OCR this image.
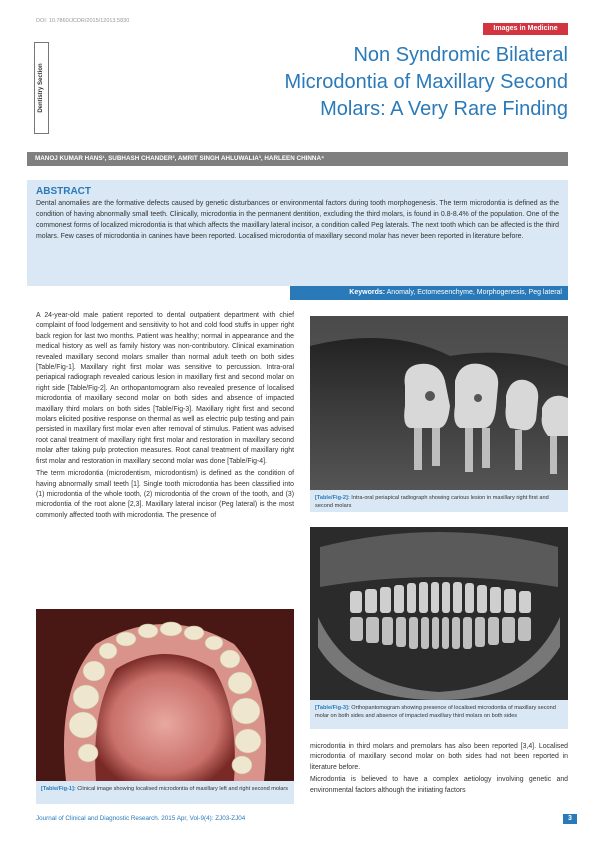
DOI: 10.7860/JCDR/2015/12013.5830
Images in Medicine
Dentistry Section
Non Syndromic Bilateral
Microdontia of Maxillary Second
Molars: A Very Rare Finding
MANOJ KUMAR HANS¹, SUBHASH CHANDER², AMRIT SINGH AHLUWALIA³, HARLEEN CHINNA⁴
ABSTRACT
Dental anomalies are the formative defects caused by genetic disturbances or environmental factors during tooth morphogenesis. The term microdontia is defined as the condition of having abnormally small teeth. Clinically, microdontia in the permanent dentition, excluding the third molars, is found in 0.8-8.4% of the population. One of the commonest forms of localized microdontia is that which affects the maxillary lateral incisor, a condition called Peg laterals. The next tooth which can be affected is the third molars. Few cases of microdontia in canines have been reported. Localised microdontia of maxillary second molar has never been reported in literature before.
Keywords: Anomaly, Ectomesenchyme, Morphogenesis, Peg lateral

A 24-year-old male patient reported to dental outpatient department with chief complaint of food lodgement and sensitivity to hot and cold food stuffs in upper right back region for last two months. Patient was healthy; normal in appearance and the medical history as well as family history was non-contributory. Clinical examination revealed maxillary second molars smaller than normal adult teeth on both sides [Table/Fig-1]. Maxillary right first molar was sensitive to percussion. Intra-oral periapical radiograph revealed carious lesion in maxillary first and second molar on right side [Table/Fig-2]. An orthopantomogram also revealed presence of localised microdontia of maxillary second molar on both sides and absence of impacted maxillary third molars on both sides [Table/Fig-3]. Maxillary right first and second molars elicited positive response on thermal as well as electric pulp testing and pain persisted in maxillary first molar even after removal of stimulus. Patient was advised root canal treatment of maxillary right first molar and restoration in maxillary second molar after taking pulp protection measures. Root canal treatment of maxillary right first molar and restoration in maxillary second molar was done [Table/Fig-4].

The term microdontia (microdentism, microdontism) is defined as the condition of having abnormally small teeth [1]. Single tooth microdontia has been classified into (1) microdontia of the whole tooth, (2) microdontia of the crown of the tooth, and (3) microdontia of the root alone [2,3]. Maxillary lateral incisor (Peg lateral) is the most commonly affected tooth with microdontia. The presence of

[Table/Fig-1]: Clinical image showing localised microdontia of maxillary left and right second molars
[Table/Fig-2]: Intra-oral periapical radiograph showing carious lesion in maxillary right first and second molars
[Table/Fig-3]: Orthopantomogram showing presence of localised microdontia of maxillary second molar on both sides and absence of impacted maxillary third molars on both sides

microdontia in third molars and premolars has also been reported [3,4]. Localised microdontia of maxillary second molar on both sides had not been reported in literature before.

Microdontia is believed to have a complex aetiology involving genetic and environmental factors although the initiating factors

Journal of Clinical and Diagnostic Research. 2015 Apr, Vol-9(4): ZJ03-ZJ04	3
